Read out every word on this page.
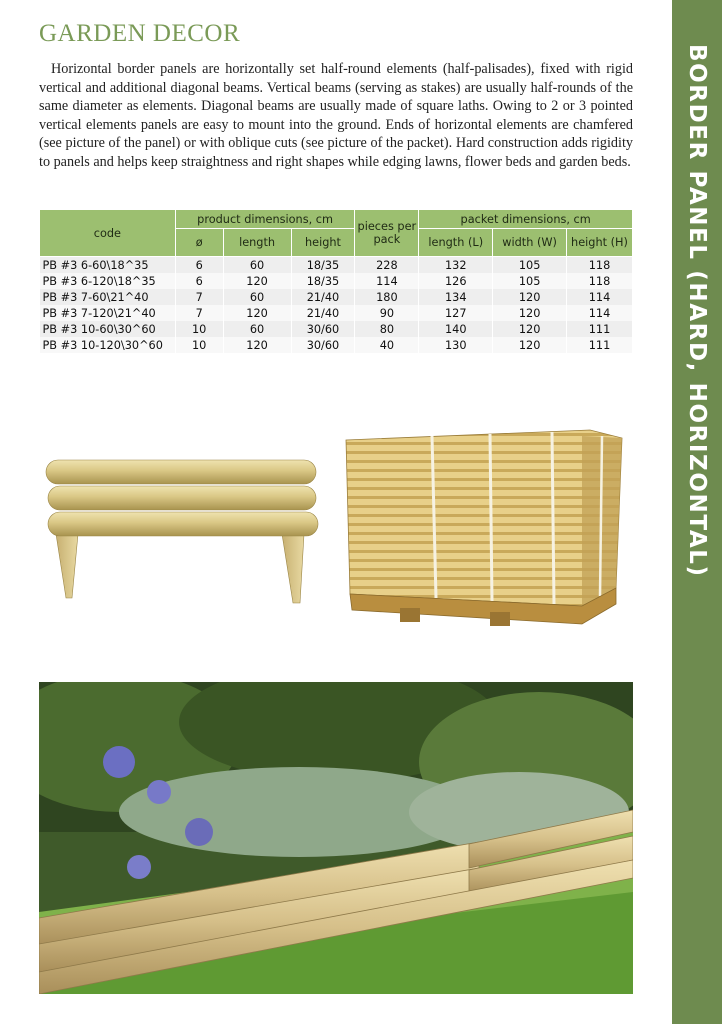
BORDER PANEL (HARD, HORIZONTAL)
GARDEN DECOR

Horizontal border panels are horizontally set half-round elements (half-palisades), fixed with rigid vertical and additional diagonal beams. Vertical beams (serving as stakes) are usually half-rounds of the same diameter as elements. Diagonal beams are usually made of square laths. Owing to 2 or 3 pointed vertical elements panels are easy to mount into the ground. Ends of horizontal elements are chamfered (see picture of the panel) or with oblique cuts (see picture of the packet). Hard construction adds rigidity to panels and helps keep straightness and right shapes while edging lawns, flower beds and garden beds.

code	product dimensions, cm			pieces per pack	packet dimensions, cm		
	ø	length	height		length (L)	width (W)	height (H)
PB #3 6-60\18^35	6	60	18/35	228	132	105	118
PB #3 6-120\18^35	6	120	18/35	114	126	105	118
PB #3 7-60\21^40	7	60	21/40	180	134	120	114
PB #3 7-120\21^40	7	120	21/40	90	127	120	114
PB #3 10-60\30^60	10	60	30/60	80	140	120	111
PB #3 10-120\30^60	10	120	30/60	40	130	120	111
